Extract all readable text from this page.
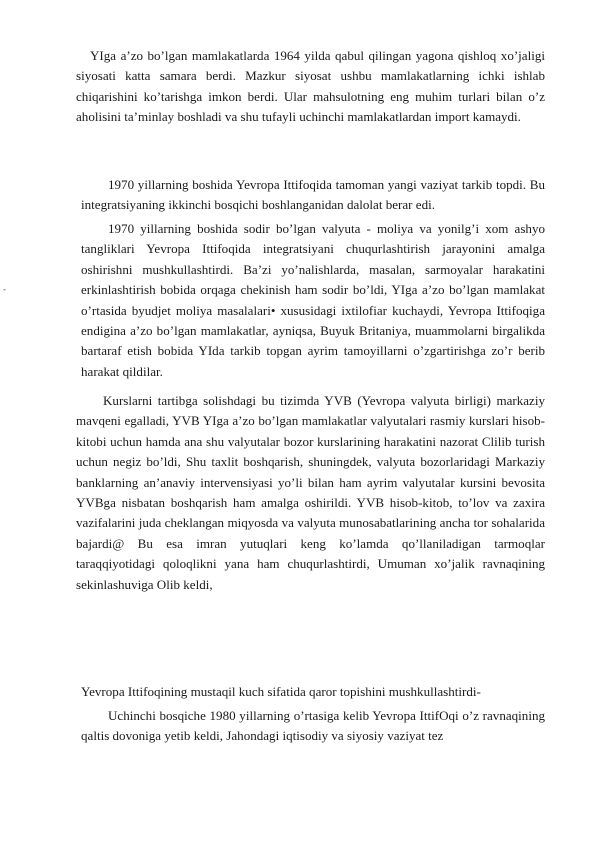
-

YIga a’zo bo’lgan mamlakatlarda 1964 yilda qabul qilingan yagona qishloq xo’jaligi siyosati katta samara berdi. Mazkur siyosat ushbu mamlakatlarning ichki ishlab chiqarishini ko’tarishga imkon berdi. Ular mahsulotning eng muhim turlari bilan o’z aholisini ta’minlay boshladi va shu tufayli uchinchi mamlakatlardan import kamaydi.

1970 yillarning boshida Yevropa Ittifoqida tamoman yangi vaziyat tarkib topdi. Bu integratsiyaning ikkinchi bosqichi boshlanganidan dalolat berar edi.

1970 yillarning boshida sodir bo’lgan valyuta - moliya va yonilg’i xom ashyo tangliklari Yevropa Ittifoqida integratsiyani chuqurlashtirish jarayonini amalga oshirishni mushkullashtirdi. Ba’zi yo’nalishlarda, masalan, sarmoyalar harakatini erkinlashtirish bobida orqaga chekinish ham sodir bo’ldi, YIga a’zo bo’lgan mamlakat o’rtasida byudjet moliya masalalari• xususidagi ixtilofiar kuchaydi, Yevropa Ittifoqiga endigina a’zo bo’lgan mamlakatlar, ayniqsa, Buyuk Britaniya, muammolarni birgalikda bartaraf etish bobida YIda tarkib topgan ayrim tamoyillarni o’zgartirishga zo’r berib harakat qildilar.

Kurslarni tartibga solishdagi bu tizimda YVB (Yevropa valyuta birligi) markaziy mavqeni egalladi, YVB YIga a’zo bo’lgan mamlakatlar valyutalari rasmiy kurslari hisob-kitobi uchun hamda ana shu valyutalar bozor kurslarining harakatini nazorat Clilib turish uchun negiz bo’ldi, Shu taxlit boshqarish, shuningdek, valyuta bozorlaridagi Markaziy banklarning an’anaviy intervensiyasi yo’li bilan ham ayrim valyutalar kursini bevosita YVBga nisbatan boshqarish ham amalga oshirildi. YVB hisob-kitob, to’lov va zaxira vazifalarini juda cheklangan miqyosda va valyuta munosabatlarining ancha tor sohalarida bajardi@ Bu esa imran yutuqlari keng ko’lamda qo’llaniladigan tarmoqlar taraqqiyotidagi qoloqlikni yana ham chuqurlashtirdi, Umuman xo’jalik ravnaqining sekinlashuviga Olib keldi,

Yevropa Ittifoqining mustaqil kuch sifatida qaror topishini mushkullashtirdi-

Uchinchi bosqiche 1980 yillarning o’rtasiga kelib Yevropa IttifOqi o’z ravnaqining qaltis dovoniga yetib keldi, Jahondagi iqtisodiy va siyosiy vaziyat tez
